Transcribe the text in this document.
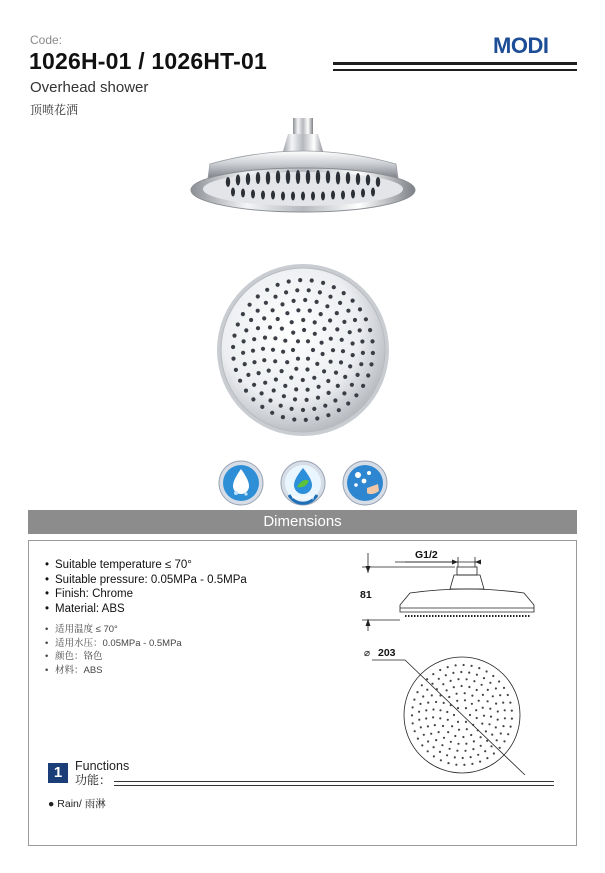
Code:
1026H-01 / 1026HT-01
MODI
Overhead shower
顶喷花洒
Water saving
Dimensions
• Suitable temperature ≤ 70°
• Suitable pressure: 0.05MPa - 0.5MPa
• Finish: Chrome
• Material: ABS
• 适用温度 ≤ 70°
• 适用水压：0.05MPa - 0.5MPa
• 颜色：铬色
• 材料：ABS
G1/2
81
⌀ 203
1	Functions
功能：
● Rain/ 雨淋
